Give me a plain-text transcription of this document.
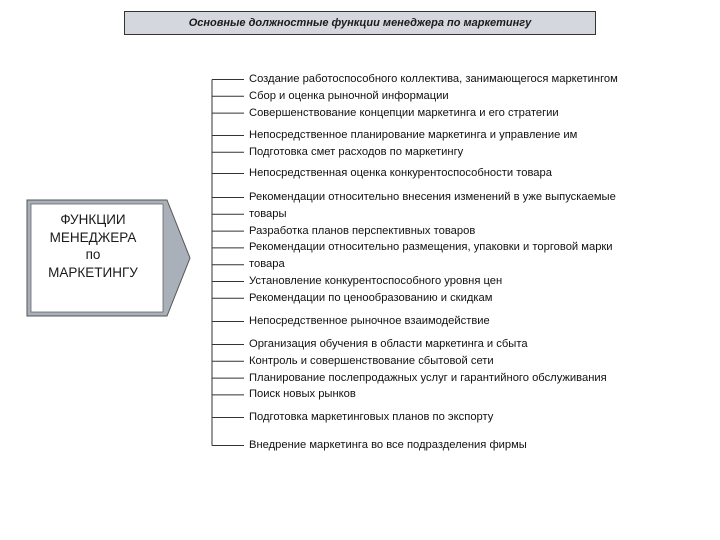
Основные должностные функции менеджера по маркетингу
ФУНКЦИИ
МЕНЕДЖЕРА
по
МАРКЕТИНГУ
Создание работоспособного коллектива, занимающегося маркетингом
Сбор и оценка рыночной информации
Совершенствование концепции маркетинга и его стратегии
Непосредственное планирование маркетинга и управление им
Подготовка смет расходов по маркетингу
Непосредственная оценка конкурентоспособности товара
Рекомендации относительно внесения изменений в уже выпускаемые
товары
Разработка планов перспективных товаров
Рекомендации относительно размещения, упаковки и торговой марки
товара
Установление конкурентоспособного уровня цен
Рекомендации по ценообразованию и скидкам
Непосредственное рыночное взаимодействие
Организация обучения в области маркетинга и сбыта
Контроль и совершенствование сбытовой сети
Планирование послепродажных услуг и гарантийного обслуживания
Поиск новых рынков
Подготовка маркетинговых планов по экспорту
Внедрение маркетинга во все подразделения фирмы
